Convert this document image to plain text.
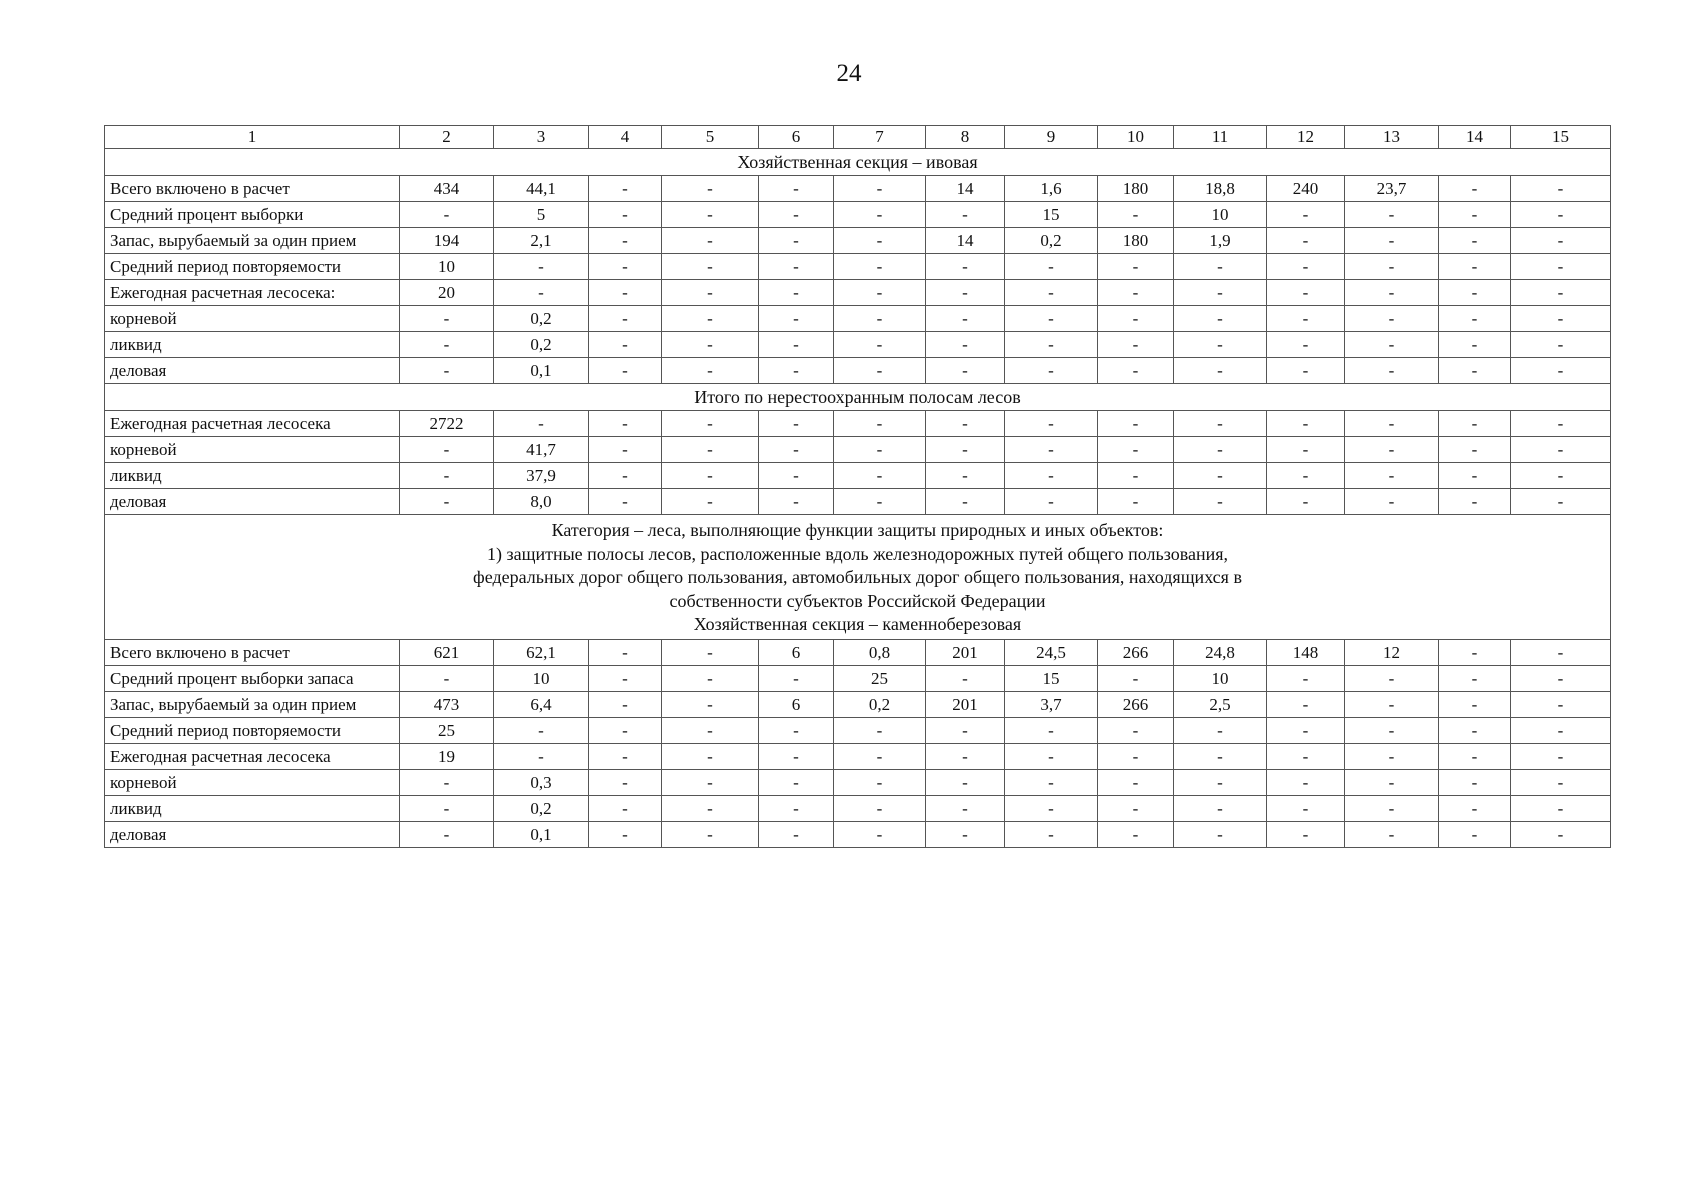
24
1	2	3	4	5	6	7	8	9	10	11	12	13	14	15

Хозяйственная секция – ивовая														

Всего включено в расчет	434	44,1	-	-	-	-	14	1,6	180	18,8	240	23,7	-	-
Средний процент выборки	-	5	-	-	-	-	-	15	-	10	-	-	-	-
Запас, вырубаемый за один прием	194	2,1	-	-	-	-	14	0,2	180	1,9	-	-	-	-
Средний период повторяемости	10	-	-	-	-	-	-	-	-	-	-	-	-	-
Ежегодная расчетная лесосека:	20	-	-	-	-	-	-	-	-	-	-	-	-	-
корневой	-	0,2	-	-	-	-	-	-	-	-	-	-	-	-
ликвид	-	0,2	-	-	-	-	-	-	-	-	-	-	-	-
деловая	-	0,1	-	-	-	-	-	-	-	-	-	-	-	-

Итого по нерестоохранным полосам лесов														

Ежегодная расчетная лесосека	2722	-	-	-	-	-	-	-	-	-	-	-	-	-
корневой	-	41,7	-	-	-	-	-	-	-	-	-	-	-	-
ликвид	-	37,9	-	-	-	-	-	-	-	-	-	-	-	-
деловая	-	8,0	-	-	-	-	-	-	-	-	-	-	-	-

Категория – леса, выполняющие функции защиты природных и иных объектов:
1) защитные полосы лесов, расположенные вдоль железнодорожных путей общего пользования,
федеральных дорог общего пользования, автомобильных дорог общего пользования, находящихся в
собственности субъектов Российской Федерации
Хозяйственная секция – каменноберезовая														

Всего включено в расчет	621	62,1	-	-	6	0,8	201	24,5	266	24,8	148	12	-	-
Средний процент выборки запаса	-	10	-	-	-	25	-	15	-	10	-	-	-	-
Запас, вырубаемый за один прием	473	6,4	-	-	6	0,2	201	3,7	266	2,5	-	-	-	-
Средний период повторяемости	25	-	-	-	-	-	-	-	-	-	-	-	-	-
Ежегодная расчетная лесосека	19	-	-	-	-	-	-	-	-	-	-	-	-	-
корневой	-	0,3	-	-	-	-	-	-	-	-	-	-	-	-
ликвид	-	0,2	-	-	-	-	-	-	-	-	-	-	-	-
деловая	-	0,1	-	-	-	-	-	-	-	-	-	-	-	-
